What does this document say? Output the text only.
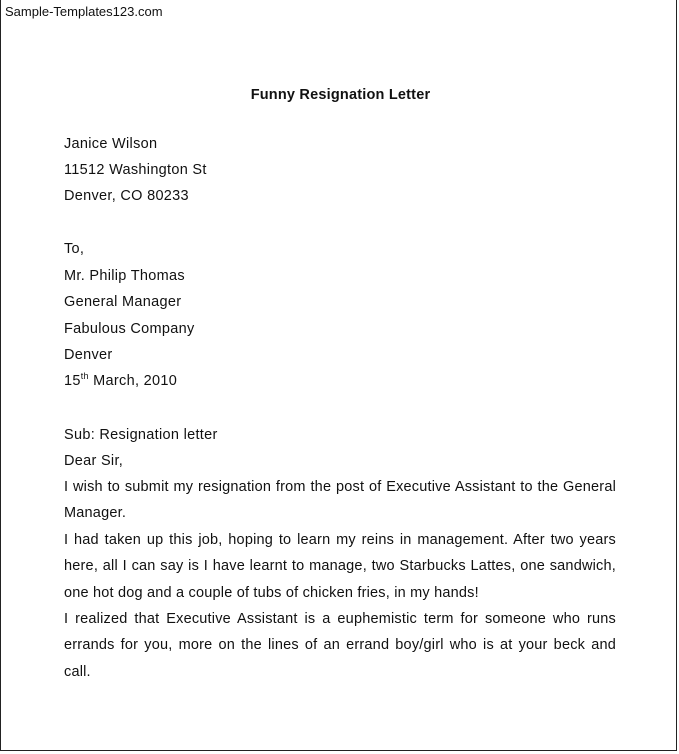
Sample-Templates123.com
Funny Resignation Letter
Janice Wilson
11512 Washington St
Denver, CO 80233
To,
Mr. Philip Thomas
General Manager
Fabulous Company
Denver
15th March, 2010
Sub: Resignation letter
Dear Sir,
I wish to submit my resignation from the post of Executive Assistant to the General Manager.
I had taken up this job, hoping to learn my reins in management. After two years here, all I can say is I have learnt to manage, two Starbucks Lattes, one sandwich, one hot dog and a couple of tubs of chicken fries, in my hands!
I realized that Executive Assistant is a euphemistic term for someone who runs errands for you, more on the lines of an errand boy/girl who is at your beck and call.
